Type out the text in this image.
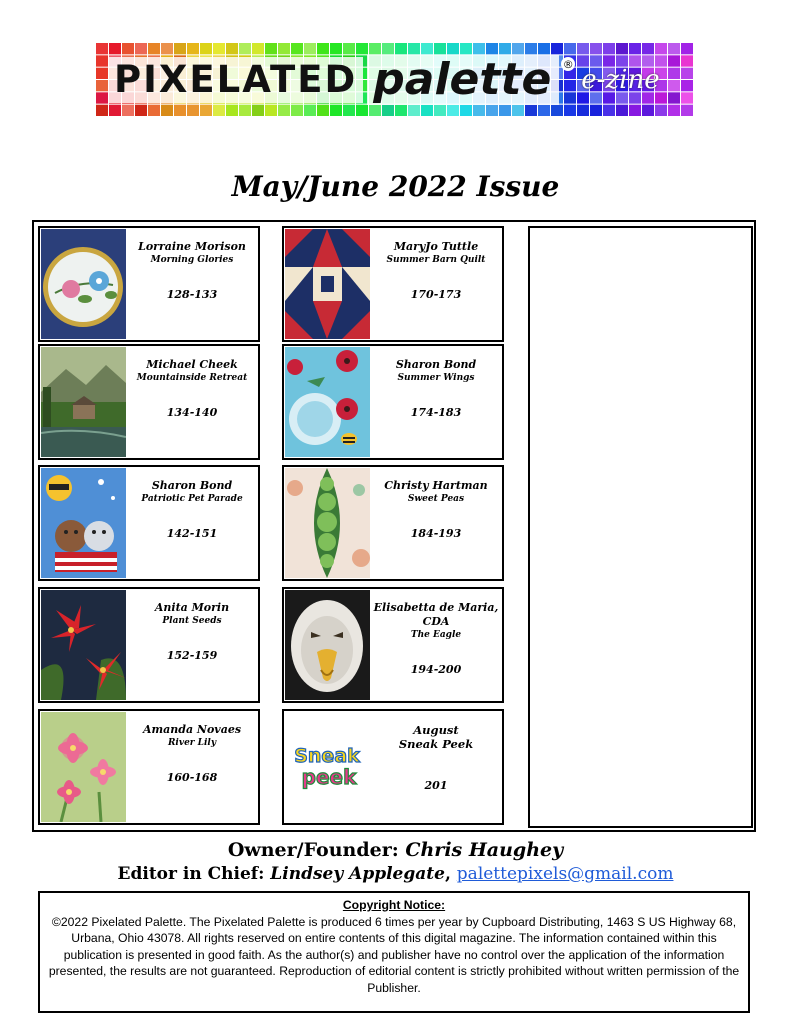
PIXELATED palette	®
e-zine
May/June 2022 Issue
Lorraine Morison
Morning Glories
128-133
Michael Cheek
Mountainside Retreat
134-140
Sharon Bond
Patriotic Pet Parade
142-151
Anita Morin
Plant Seeds
152-159
Amanda Novaes
River Lily
160-168
MaryJo Tuttle
Summer Barn Quilt
170-173
Sharon Bond
Summer Wings
174-183
Christy Hartman
Sweet Peas
184-193
Elisabetta de Maria, CDA
The Eagle
194-200
Sneak
peek
August Sneak Peek
201
Owner/Founder: Chris Haughey
Editor in Chief: Lindsey Applegate, palettepixels@gmail.com
Copyright Notice:
©2022 Pixelated Palette. The Pixelated Palette is produced 6 times per year by Cupboard Distributing, 1463 S US Highway 68, Urbana, Ohio 43078. All rights reserved on entire contents of this digital magazine. The information contained within this publication is presented in good faith. As the author(s) and publisher have no control over the application of the information presented, the results are not guaranteed. Reproduction of editorial content is strictly prohibited without written permission of the Publisher.
